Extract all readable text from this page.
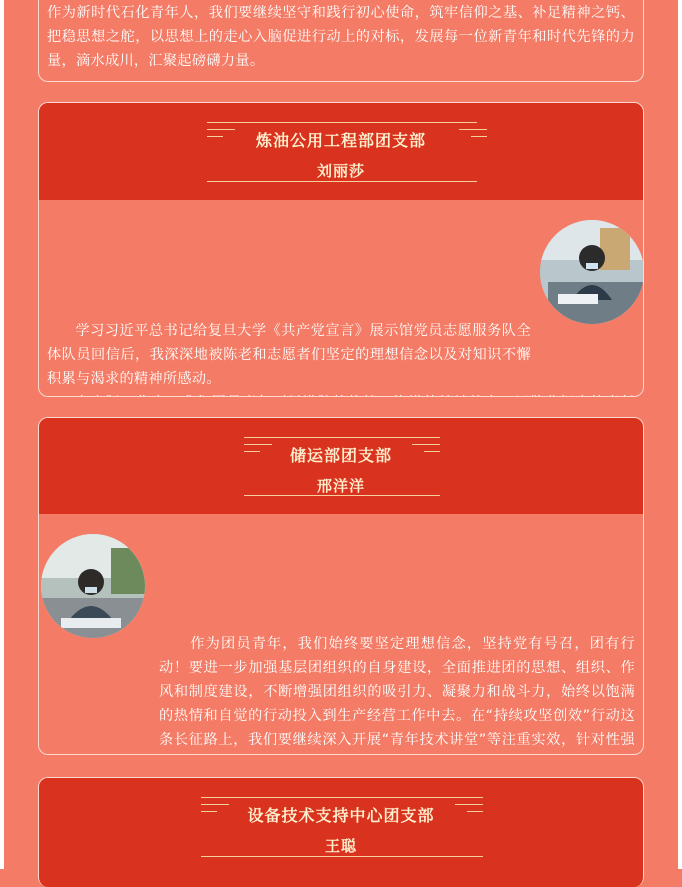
作为新时代石化青年人，我们要继续坚守和践行初心使命，筑牢信仰之基、补足精神之钙、把稳思想之舵，以思想上的走心入脑促进行动上的对标，发展每一位新青年和时代先锋的力量，滴水成川，汇聚起磅礴力量。

炼油公用工程部团支部
刘丽莎

学习习近平总书记给复旦大学《共产党宣言》展示馆党员志愿服务队全体队员回信后，我深深地被陈老和志愿者们坚定的理想信念以及对知识不懈积累与渴求的精神所感动。

储运部团支部
邢洋洋

作为团员青年，我们始终要坚定理想信念，坚持党有号召，团有行动！要进一步加强基层团组织的自身建设，全面推进团的思想、组织、作风和制度建设，不断增强团组织的吸引力、凝聚力和战斗力，始终以饱满的热情和自觉的行动投入到生产经营工作中去。在“持续攻坚创效”行动这条长征路上，我们要继续深入开展“青年技术讲堂”等注重实效，针对性强

设备技术支持中心团支部
王聪
